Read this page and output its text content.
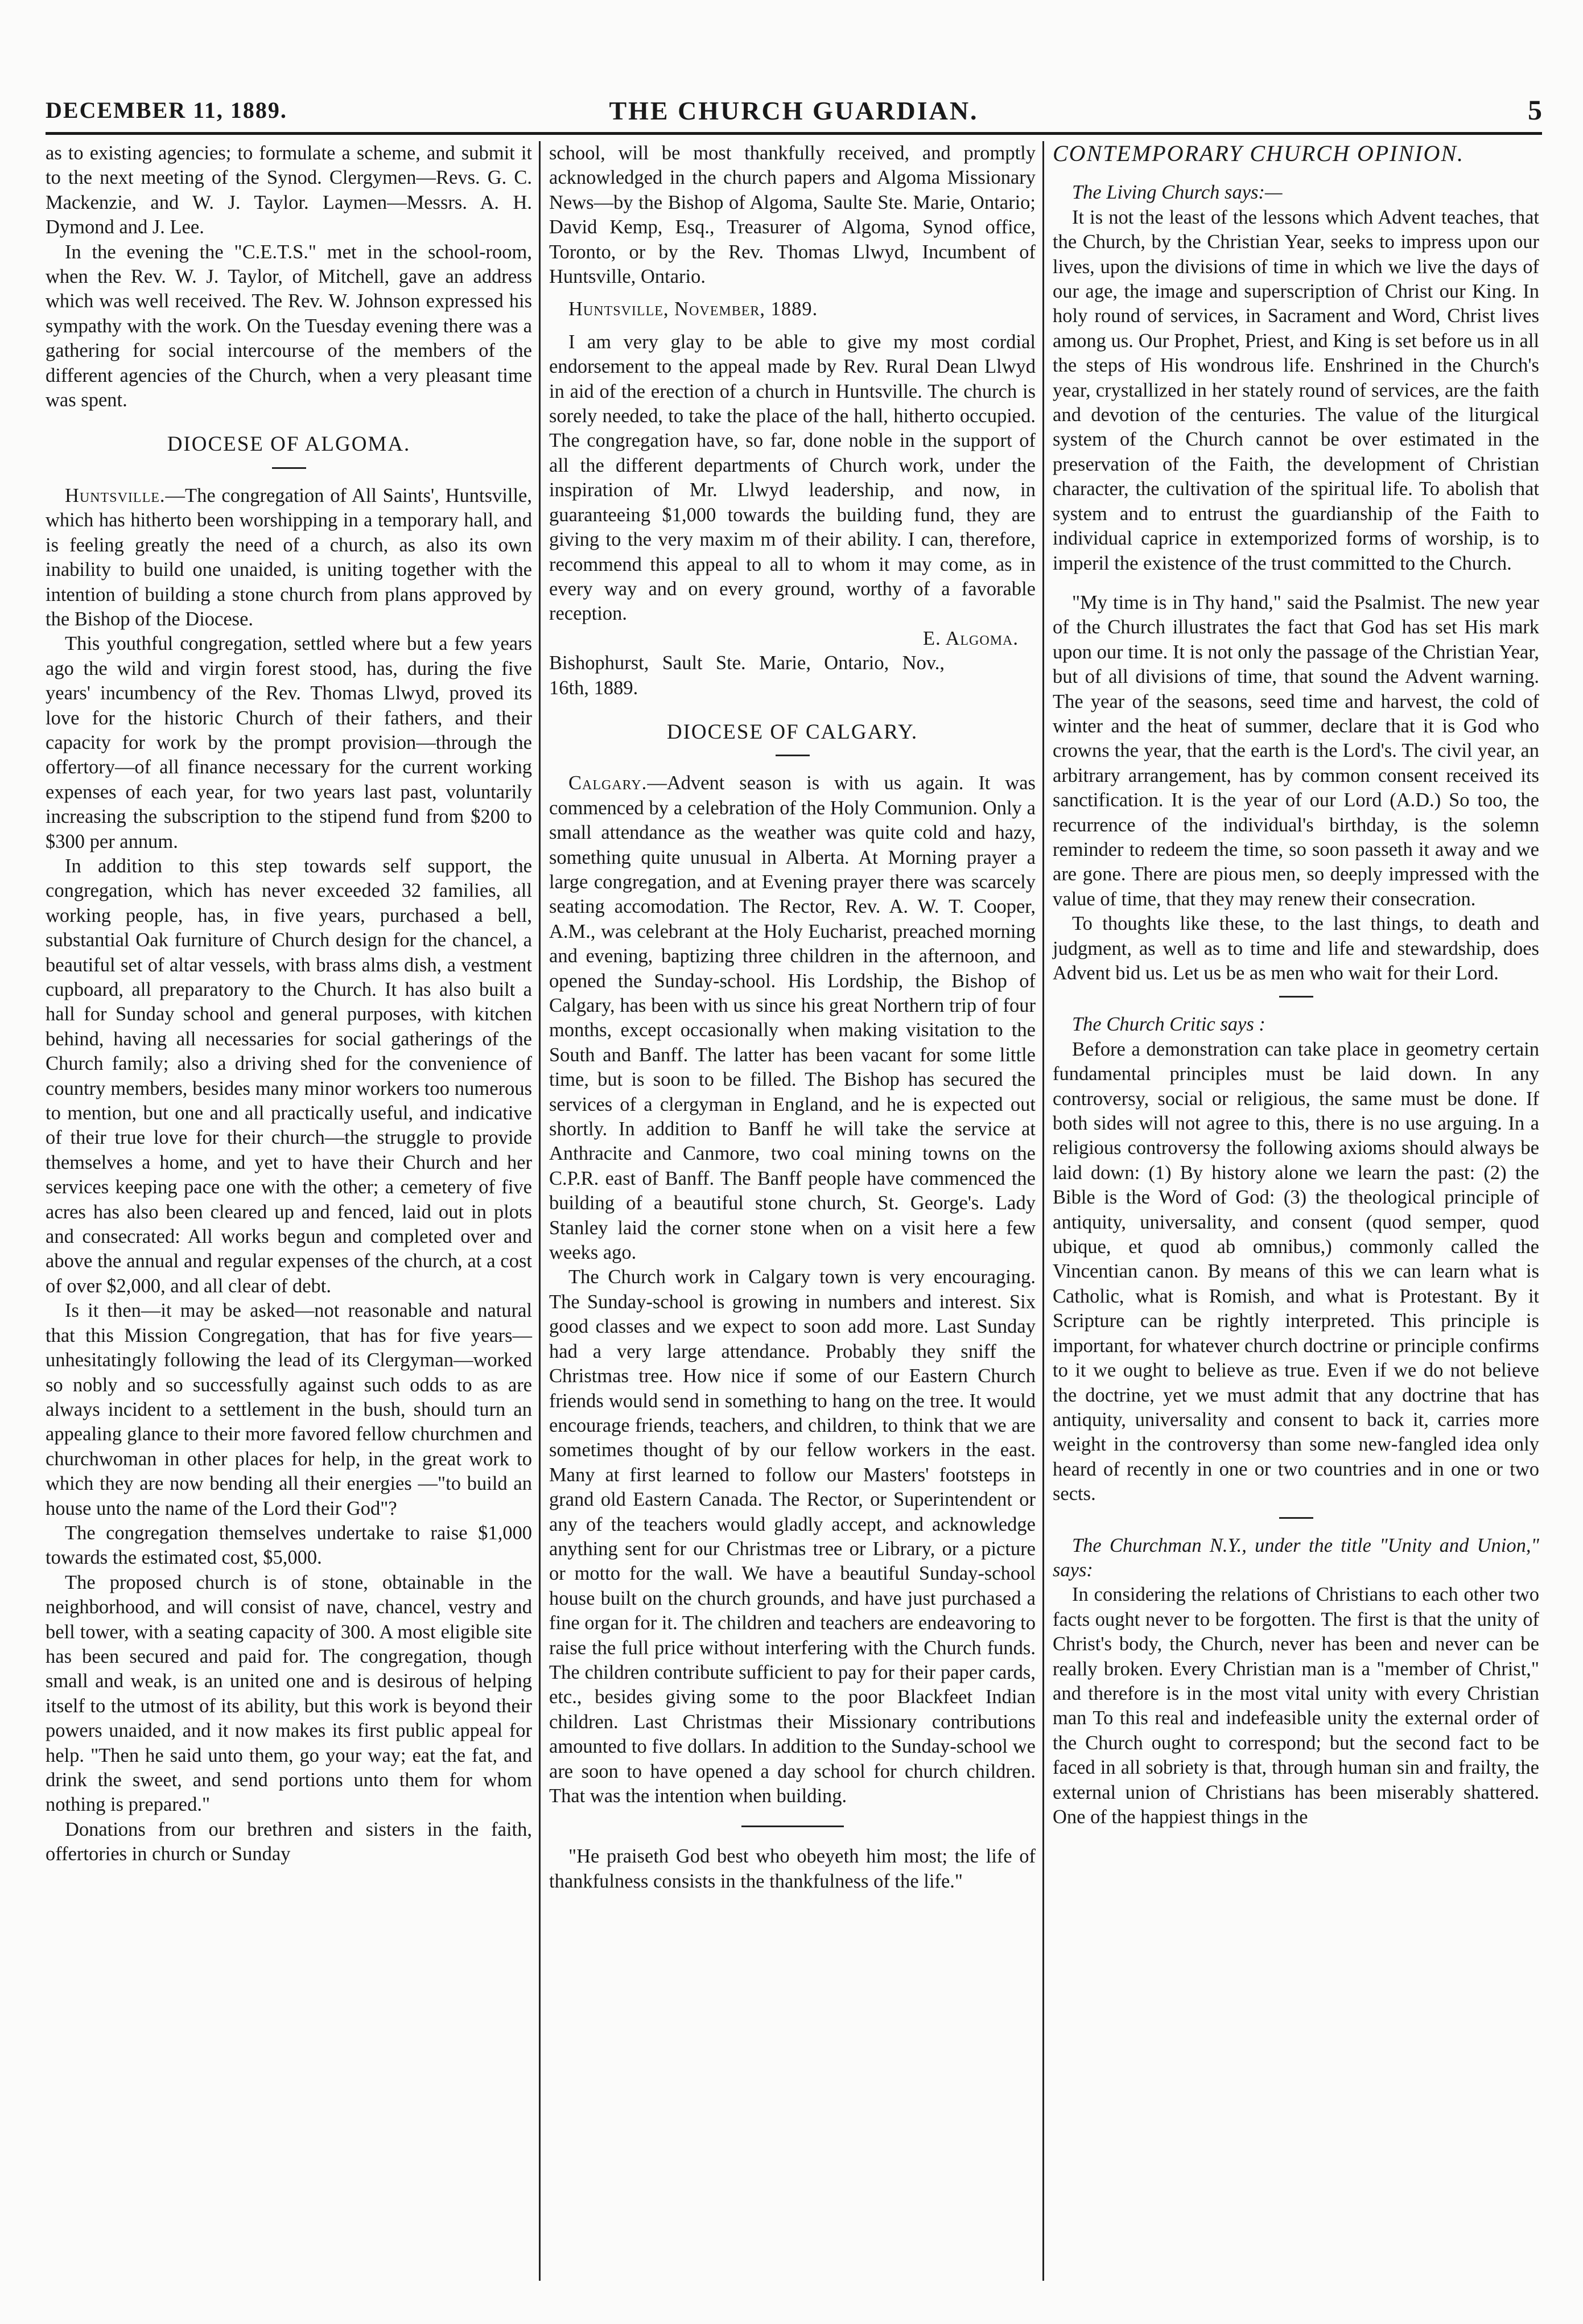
DECEMBER 11, 1889.	THE CHURCH GUARDIAN.	5

as to existing agencies; to formulate a scheme, and submit it to the next meeting of the Synod. Clergymen—Revs. G. C. Mackenzie, and W. J. Taylor. Laymen—Messrs. A. H. Dymond and J. Lee.

In the evening the "C.E.T.S." met in the school-room, when the Rev. W. J. Taylor, of Mitchell, gave an address which was well received. The Rev. W. Johnson expressed his sympathy with the work. On the Tuesday evening there was a gathering for social intercourse of the members of the different agencies of the Church, when a very pleasant time was spent.

DIOCESE OF ALGOMA.

Huntsville.—The congregation of All Saints', Huntsville, which has hitherto been worshipping in a temporary hall, and is feeling greatly the need of a church, as also its own inability to build one unaided, is uniting together with the intention of building a stone church from plans approved by the Bishop of the Diocese.

This youthful congregation, settled where but a few years ago the wild and virgin forest stood, has, during the five years' incumbency of the Rev. Thomas Llwyd, proved its love for the historic Church of their fathers, and their capacity for work by the prompt provision—through the offertory—of all finance necessary for the current working expenses of each year, for two years last past, voluntarily increasing the subscription to the stipend fund from $200 to $300 per annum.

In addition to this step towards self support, the congregation, which has never exceeded 32 families, all working people, has, in five years, purchased a bell, substantial Oak furniture of Church design for the chancel, a beautiful set of altar vessels, with brass alms dish, a vestment cupboard, all preparatory to the Church. It has also built a hall for Sunday school and general purposes, with kitchen behind, having all necessaries for social gatherings of the Church family; also a driving shed for the convenience of country members, besides many minor workers too numerous to mention, but one and all practically useful, and indicative of their true love for their church—the struggle to provide themselves a home, and yet to have their Church and her services keeping pace one with the other; a cemetery of five acres has also been cleared up and fenced, laid out in plots and consecrated: All works begun and completed over and above the annual and regular expenses of the church, at a cost of over $2,000, and all clear of debt.

Is it then—it may be asked—not reasonable and natural that this Mission Congregation, that has for five years—unhesitatingly following the lead of its Clergyman—worked so nobly and so successfully against such odds to as are always incident to a settlement in the bush, should turn an appealing glance to their more favored fellow churchmen and churchwoman in other places for help, in the great work to which they are now bending all their energies —"to build an house unto the name of the Lord their God"?

The congregation themselves undertake to raise $1,000 towards the estimated cost, $5,000.

The proposed church is of stone, obtainable in the neighborhood, and will consist of nave, chancel, vestry and bell tower, with a seating capacity of 300. A most eligible site has been secured and paid for. The congregation, though small and weak, is an united one and is desirous of helping itself to the utmost of its ability, but this work is beyond their powers unaided, and it now makes its first public appeal for help. "Then he said unto them, go your way; eat the fat, and drink the sweet, and send portions unto them for whom nothing is prepared."

Donations from our brethren and sisters in the faith, offertories in church or Sunday

school, will be most thankfully received, and promptly acknowledged in the church papers and Algoma Missionary News—by the Bishop of Algoma, Saulte Ste. Marie, Ontario; David Kemp, Esq., Treasurer of Algoma, Synod office, Toronto, or by the Rev. Thomas Llwyd, Incumbent of Huntsville, Ontario.

Huntsville, November, 1889.

I am very glay to be able to give my most cordial endorsement to the appeal made by Rev. Rural Dean Llwyd in aid of the erection of a church in Huntsville. The church is sorely needed, to take the place of the hall, hitherto occupied. The congregation have, so far, done noble in the support of all the different departments of Church work, under the inspiration of Mr. Llwyd leadership, and now, in guaranteeing $1,000 towards the building fund, they are giving to the very maxim m of their ability. I can, therefore, recommend this appeal to all to whom it may come, as in every way and on every ground, worthy of a favorable reception.

E. Algoma.

Bishophurst, Sault Ste. Marie, Ontario, Nov., 16th, 1889.

DIOCESE OF CALGARY.

Calgary.—Advent season is with us again. It was commenced by a celebration of the Holy Communion. Only a small attendance as the weather was quite cold and hazy, something quite unusual in Alberta. At Morning prayer a large congregation, and at Evening prayer there was scarcely seating accomodation. The Rector, Rev. A. W. T. Cooper, A.M., was celebrant at the Holy Eucharist, preached morning and evening, baptizing three children in the afternoon, and opened the Sunday-school. His Lordship, the Bishop of Calgary, has been with us since his great Northern trip of four months, except occasionally when making visitation to the South and Banff. The latter has been vacant for some little time, but is soon to be filled. The Bishop has secured the services of a clergyman in England, and he is expected out shortly. In addition to Banff he will take the service at Anthracite and Canmore, two coal mining towns on the C.P.R. east of Banff. The Banff people have commenced the building of a beautiful stone church, St. George's. Lady Stanley laid the corner stone when on a visit here a few weeks ago.

The Church work in Calgary town is very encouraging. The Sunday-school is growing in numbers and interest. Six good classes and we expect to soon add more. Last Sunday had a very large attendance. Probably they sniff the Christmas tree. How nice if some of our Eastern Church friends would send in something to hang on the tree. It would encourage friends, teachers, and children, to think that we are sometimes thought of by our fellow workers in the east. Many at first learned to follow our Masters' footsteps in grand old Eastern Canada. The Rector, or Superintendent or any of the teachers would gladly accept, and acknowledge anything sent for our Christmas tree or Library, or a picture or motto for the wall. We have a beautiful Sunday-school house built on the church grounds, and have just purchased a fine organ for it. The children and teachers are endeavoring to raise the full price without interfering with the Church funds. The children contribute sufficient to pay for their paper cards, etc., besides giving some to the poor Blackfeet Indian children. Last Christmas their Missionary contributions amounted to five dollars. In addition to the Sunday-school we are soon to have opened a day school for church children. That was the intention when building.

"He praiseth God best who obeyeth him most; the life of thankfulness consists in the thankfulness of the life."

CONTEMPORARY CHURCH OPINION.

The Living Church says:—

It is not the least of the lessons which Advent teaches, that the Church, by the Christian Year, seeks to impress upon our lives, upon the divisions of time in which we live the days of our age, the image and superscription of Christ our King. In holy round of services, in Sacrament and Word, Christ lives among us. Our Prophet, Priest, and King is set before us in all the steps of His wondrous life. Enshrined in the Church's year, crystallized in her stately round of services, are the faith and devotion of the centuries. The value of the liturgical system of the Church cannot be over estimated in the preservation of the Faith, the development of Christian character, the cultivation of the spiritual life. To abolish that system and to entrust the guardianship of the Faith to individual caprice in extemporized forms of worship, is to imperil the existence of the trust committed to the Church.

"My time is in Thy hand," said the Psalmist. The new year of the Church illustrates the fact that God has set His mark upon our time. It is not only the passage of the Christian Year, but of all divisions of time, that sound the Advent warning. The year of the seasons, seed time and harvest, the cold of winter and the heat of summer, declare that it is God who crowns the year, that the earth is the Lord's. The civil year, an arbitrary arrangement, has by common consent received its sanctification. It is the year of our Lord (A.D.) So too, the recurrence of the individual's birthday, is the solemn reminder to redeem the time, so soon passeth it away and we are gone. There are pious men, so deeply impressed with the value of time, that they may renew their consecration.

To thoughts like these, to the last things, to death and judgment, as well as to time and life and stewardship, does Advent bid us. Let us be as men who wait for their Lord.

The Church Critic says :

Before a demonstration can take place in geometry certain fundamental principles must be laid down. In any controversy, social or religious, the same must be done. If both sides will not agree to this, there is no use arguing. In a religious controversy the following axioms should always be laid down: (1) By history alone we learn the past: (2) the Bible is the Word of God: (3) the theological principle of antiquity, universality, and consent (quod semper, quod ubique, et quod ab omnibus,) commonly called the Vincentian canon. By means of this we can learn what is Catholic, what is Romish, and what is Protestant. By it Scripture can be rightly interpreted. This principle is important, for whatever church doctrine or principle confirms to it we ought to believe as true. Even if we do not believe the doctrine, yet we must admit that any doctrine that has antiquity, universality and consent to back it, carries more weight in the controversy than some new-fangled idea only heard of recently in one or two countries and in one or two sects.

The Churchman N.Y., under the title "Unity and Union," says:

In considering the relations of Christians to each other two facts ought never to be forgotten. The first is that the unity of Christ's body, the Church, never has been and never can be really broken. Every Christian man is a "member of Christ," and therefore is in the most vital unity with every Christian man To this real and indefeasible unity the external order of the Church ought to correspond; but the second fact to be faced in all sobriety is that, through human sin and frailty, the external union of Christians has been miserably shattered. One of the happiest things in the
